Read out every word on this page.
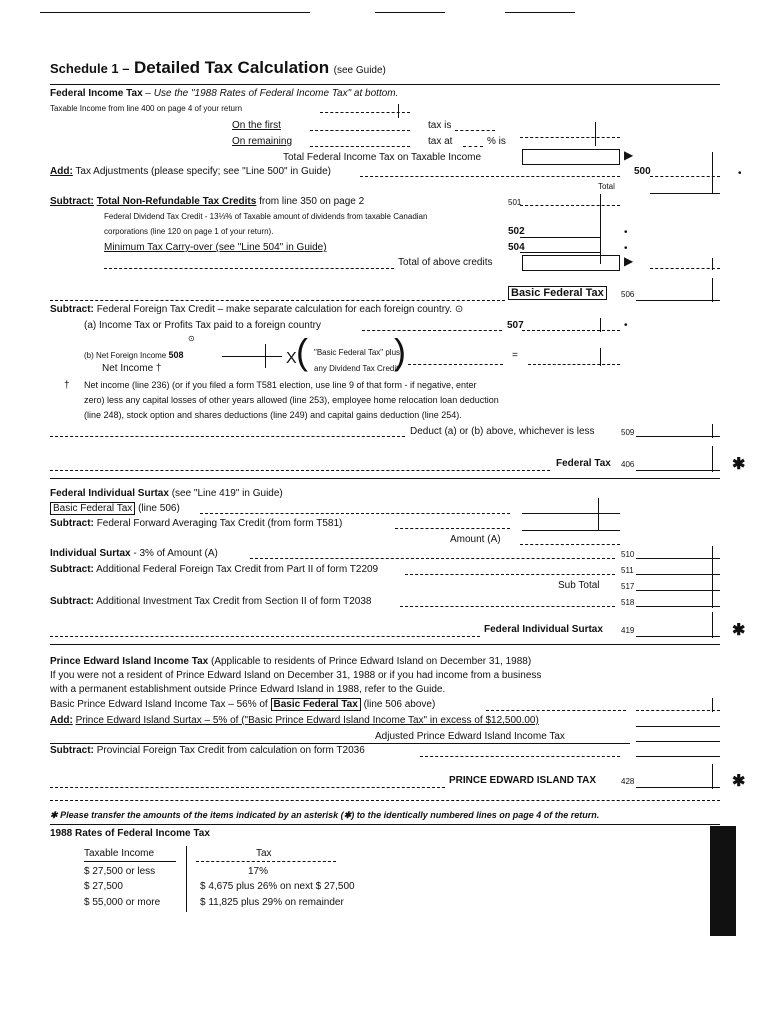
Schedule 1 – Detailed Tax Calculation (see Guide)
Federal Income Tax – Use the "1988 Rates of Federal Income Tax" at bottom.
Taxable Income from line 400 on page 4 of your return
On the first	tax is
On remaining	tax at	% is
Total Federal Income Tax on Taxable Income	▶
Add: Tax Adjustments (please specify; see "Line 500" in Guide)	500	•
Total
Subtract: Total Non-Refundable Tax Credits from line 350 on page 2	501
Federal Dividend Tax Credit - 13⅓% of Taxable amount of dividends from taxable Canadian
corporations (line 120 on page 1 of your return).	502	•
Minimum Tax Carry-over (see "Line 504" in Guide)	504	•
Total of above credits	▶
Basic Federal Tax	506
Subtract: Federal Foreign Tax Credit – make separate calculation for each foreign country. ⊙
(a) Income Tax or Profits Tax paid to a foreign country	507	•
⊙
(b) Net Foreign Income 508
Net Income †
X ( "Basic Federal Tax" plus
any Dividend Tax Credit
)	=
† Net income (line 236) (or if you filed a form T581 election, use line 9 of that form - if negative, enter
zero) less any capital losses of other years allowed (line 253), employee home relocation loan deduction
(line 248), stock option and shares deductions (line 249) and capital gains deduction (line 254).
Deduct (a) or (b) above, whichever is less	509
Federal Tax 406	✱
Federal Individual Surtax (see "Line 419" in Guide)
Basic Federal Tax (line 506)
Subtract: Federal Forward Averaging Tax Credit (from form T581)
Amount (A)
Individual Surtax - 3% of Amount (A)	510
Subtract: Additional Federal Foreign Tax Credit from Part II of form T2209	511
Sub Total	517
Subtract: Additional Investment Tax Credit from Section II of form T2038	518
Federal Individual Surtax 419	✱
Prince Edward Island Income Tax (Applicable to residents of Prince Edward Island on December 31, 1988)
If you were not a resident of Prince Edward Island on December 31, 1988 or if you had income from a business
with a permanent establishment outside Prince Edward Island in 1988, refer to the Guide.
Basic Prince Edward Island Income Tax – 56% of Basic Federal Tax (line 506 above)
Add: Prince Edward Island Surtax – 5% of ("Basic Prince Edward Island Income Tax" in excess of $12,500.00)
Adjusted Prince Edward Island Income Tax
Subtract: Provincial Foreign Tax Credit from calculation on form T2036
PRINCE EDWARD ISLAND TAX	428	✱
✱ Please transfer the amounts of the items indicated by an asterisk (✱) to the identically numbered lines on page 4 of the return.
1988 Rates of Federal Income Tax
Taxable Income	Tax
$ 27,500 or less	17%
$ 27,500	$ 4,675 plus 26% on next $ 27,500
$ 55,000 or more	$ 11,825 plus 29% on remainder
